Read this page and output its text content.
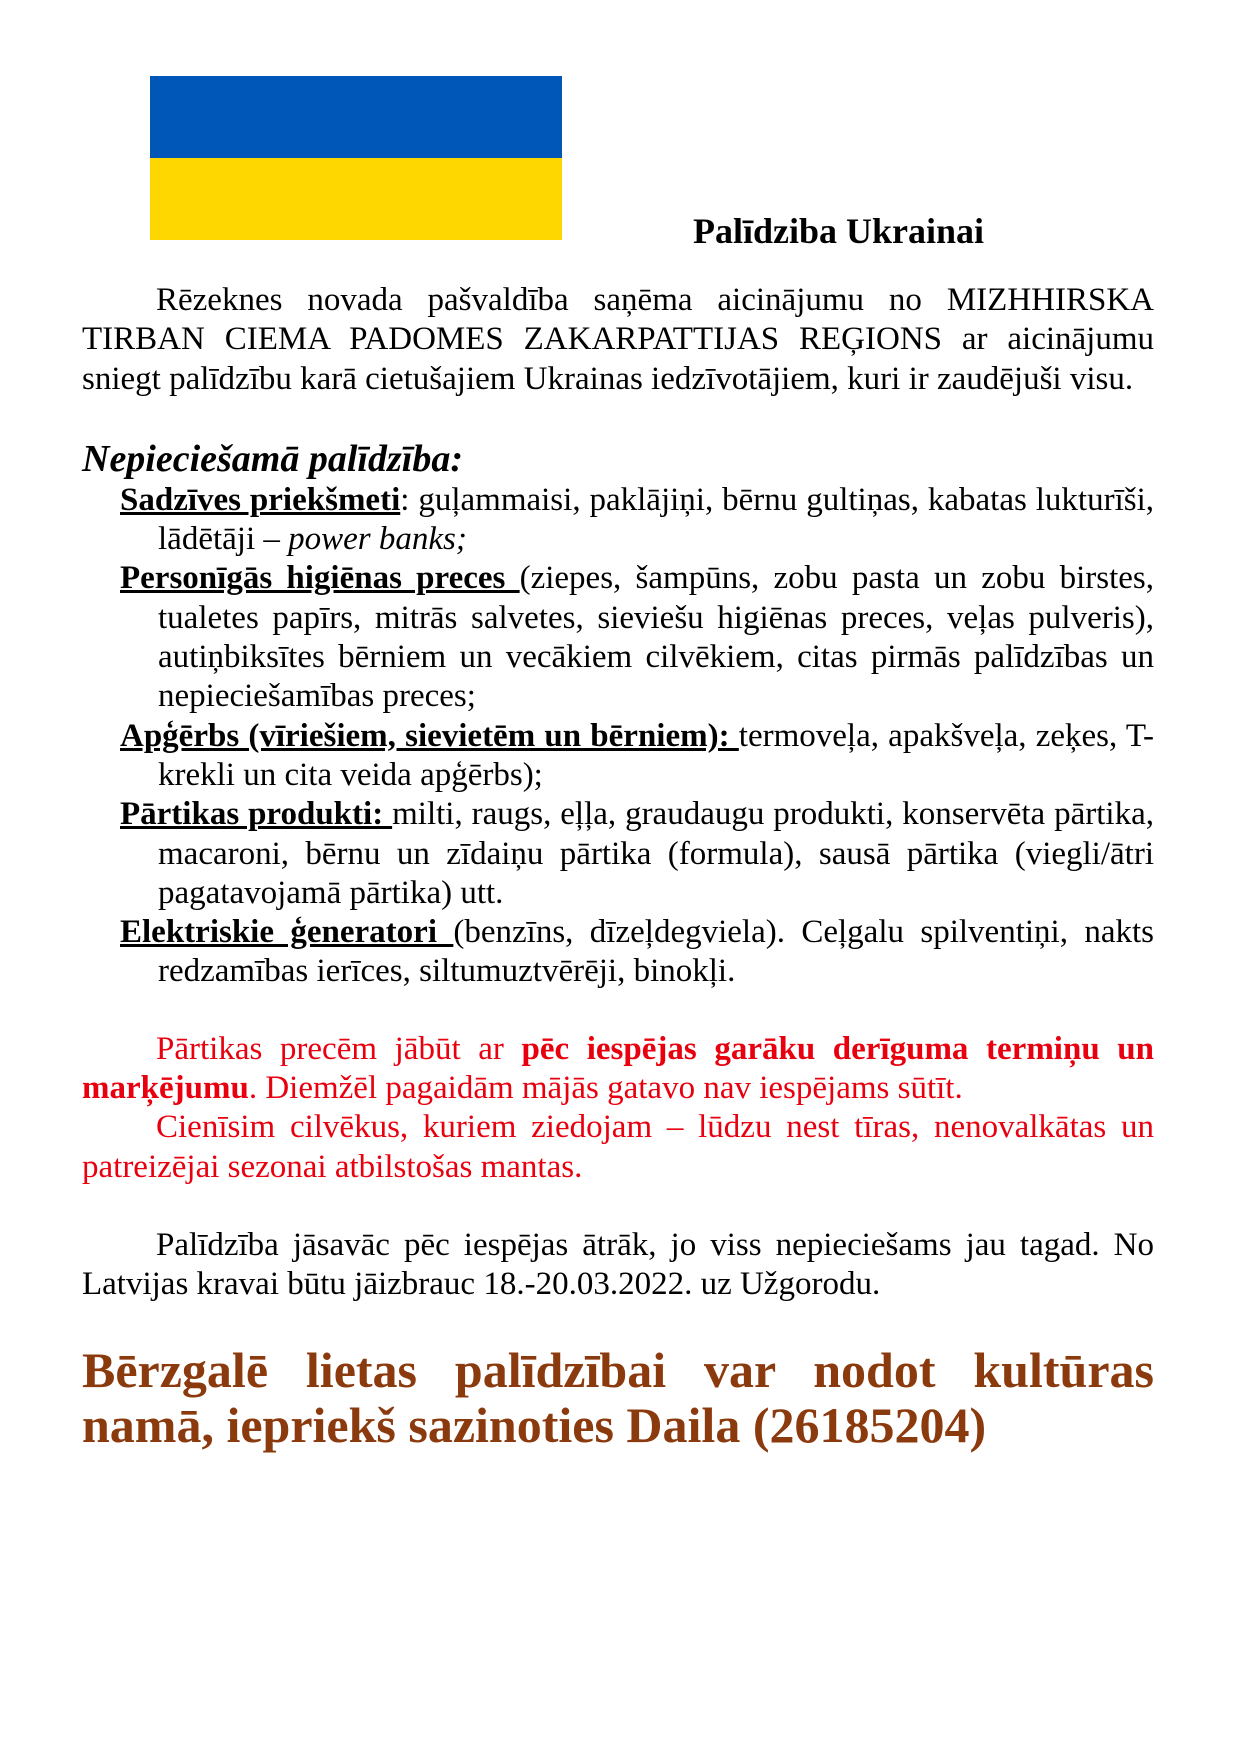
Palīdziba Ukrainai

Rēzeknes novada pašvaldība saņēma aicinājumu no MIZHHIRSKA TIRBAN CIEMA PADOMES ZAKARPATTIJAS REĢIONS ar aicinājumu sniegt palīdzību karā cietušajiem Ukrainas iedzīvotājiem, kuri ir zaudējuši visu.

Nepieciešamā palīdzība:

Sadzīves priekšmeti: guļammaisi, paklājiņi, bērnu gultiņas, kabatas lukturīši, lādētāji – power banks;

Personīgās higiēnas preces (ziepes, šampūns, zobu pasta un zobu birstes, tualetes papīrs, mitrās salvetes, sieviešu higiēnas preces, veļas pulveris), autiņbiksītes bērniem un vecākiem cilvēkiem, citas pirmās palīdzības un nepieciešamības preces;

Apģērbs (vīriešiem, sievietēm un bērniem): termoveļa, apakšveļa, zeķes, T-krekli un cita veida apģērbs);

Pārtikas produkti: milti, raugs, eļļa, graudaugu produkti, konservēta pārtika, macaroni, bērnu un zīdaiņu pārtika (formula), sausā pārtika (viegli/ātri pagatavojamā pārtika) utt.

Elektriskie ģeneratori (benzīns, dīzeļdegviela). Ceļgalu spilventiņi, nakts redzamības ierīces, siltumuztvērēji, binokļi.

Pārtikas precēm jābūt ar pēc iespējas garāku derīguma termiņu un marķējumu. Diemžēl pagaidām mājās gatavo nav iespējams sūtīt.

Cienīsim cilvēkus, kuriem ziedojam – lūdzu nest tīras, nenovalkātas un patreizējai sezonai atbilstošas mantas.

Palīdzība jāsavāc pēc iespējas ātrāk, jo viss nepieciešams jau tagad. No Latvijas kravai būtu jāizbrauc 18.-20.03.2022. uz Užgorodu.

Bērzgalē lietas palīdzībai var nodot kultūras namā, iepriekš sazinoties Daila (26185204)
